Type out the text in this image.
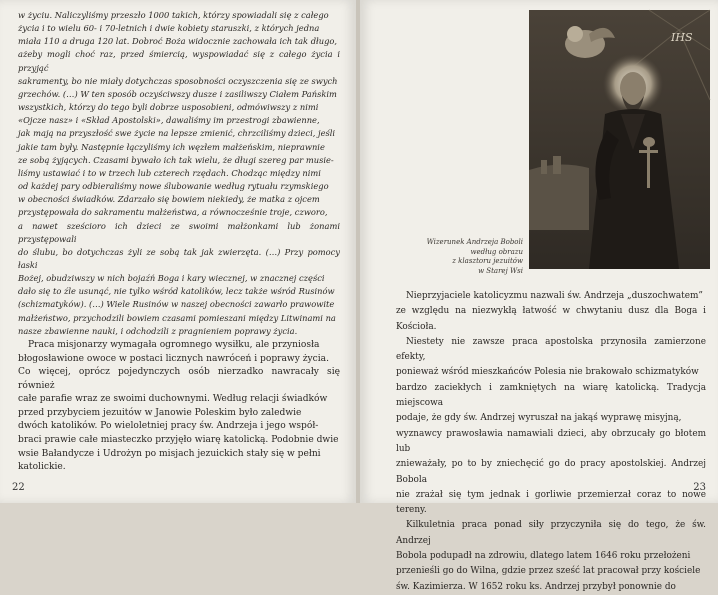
w życiu. Naliczyliśmy przeszło 1000 takich, którzy spowiadali się z całego
życia i to wielu 60- i 70-letnich i dwie kobiety staruszki, z których jedna
miała 110 a druga 120 lat. Dobroć Boża widocznie zachowała ich tak długo,
ażeby mogli choć raz, przed śmiercią, wyspowiadać się z całego życia i przyjąć
sakramenty, bo nie miały dotychczas sposobności oczyszczenia się ze swych
grzechów. (…) W ten sposób oczyściwszy dusze i zasiliwszy Ciałem Pańskim
wszystkich, którzy do tego byli dobrze usposobieni, odmówiwszy z nimi
«Ojcze nasz» i «Skład Apostolski», dawaliśmy im przestrogi zbawienne,
jak mają na przyszłość swe życie na lepsze zmienić, chrzciliśmy dzieci, jeśli
jakie tam były. Następnie łączyliśmy ich węzłem małżeńskim, nieprawnie
ze sobą żyjących. Czasami bywało ich tak wielu, że długi szereg par musie-
liśmy ustawiać i to w trzech lub czterech rzędach. Chodząc między nimi
od każdej pary odbieraliśmy nowe ślubowanie według rytuału rzymskiego
w obecności świadków. Zdarzało się bowiem niekiedy, że matka z ojcem
przystępowała do sakramentu małżeństwa, a równocześnie troje, czworo,
a nawet sześcioro ich dzieci ze swoimi małżonkami lub żonami przystępowali
do ślubu, bo dotychczas żyli ze sobą tak jak zwierzęta. (…) Przy pomocy łaski
Bożej, obudziwszy w nich bojaźń Boga i kary wiecznej, w znacznej części
dało się to źle usunąć, nie tylko wśród katolików, lecz także wśród Rusinów
(schizmatyków). (…) Wiele Rusinów w naszej obecności zawarło prawowite
małżeństwo, przychodzili bowiem czasami pomieszani między Litwinami na
nasze zbawienne nauki, i odchodzili z pragnieniem poprawy życia.
Praca misjonarzy wymagała ogromnego wysiłku, ale przyniosła
błogosławione owoce w postaci licznych nawróceń i poprawy życia.
Co więcej, oprócz pojedynczych osób nierzadko nawracały się również
całe parafie wraz ze swoimi duchownymi. Według relacji świadków
przed przybyciem jezuitów w Janowie Poleskim było zaledwie
dwóch katolików. Po wieloletniej pracy św. Andrzeja i jego współ-
braci prawie całe miasteczko przyjęło wiarę katolicką. Podobnie dwie
wsie Bałandycze i Udrożyn po misjach jezuickich stały się w pełni
katolickie.
22
IHS
Wizerunek Andrzeja Boboli
według obrazu
z klasztoru jezuitów
w Starej Wsi
Nieprzyjaciele katolicyzmu nazwali św. Andrzeja „duszochwatem”
ze względu na niezwykłą łatwość w chwytaniu dusz dla Boga i Kościoła.
Niestety nie zawsze praca apostolska przynosiła zamierzone efekty,
ponieważ wśród mieszkańców Polesia nie brakowało schizmatyków
bardzo zaciekłych i zamkniętych na wiarę katolicką. Tradycja miejscowa
podaje, że gdy św. Andrzej wyruszał na jakąś wyprawę misyjną,
wyznawcy prawosławia namawiali dzieci, aby obrzucały go błotem lub
znieważały, po to by zniechęcić go do pracy apostolskiej. Andrzej Bobola
nie zrażał się tym jednak i gorliwie przemierzał coraz to nowe tereny.
Kilkuletnia praca ponad siły przyczyniła się do tego, że św. Andrzej
Bobola podupadł na zdrowiu, dlatego latem 1646 roku przełożeni
przenieśli go do Wilna, gdzie przez sześć lat pracował przy kościele
św. Kazimierza. W 1652 roku ks. Andrzej przybył ponownie do
23
